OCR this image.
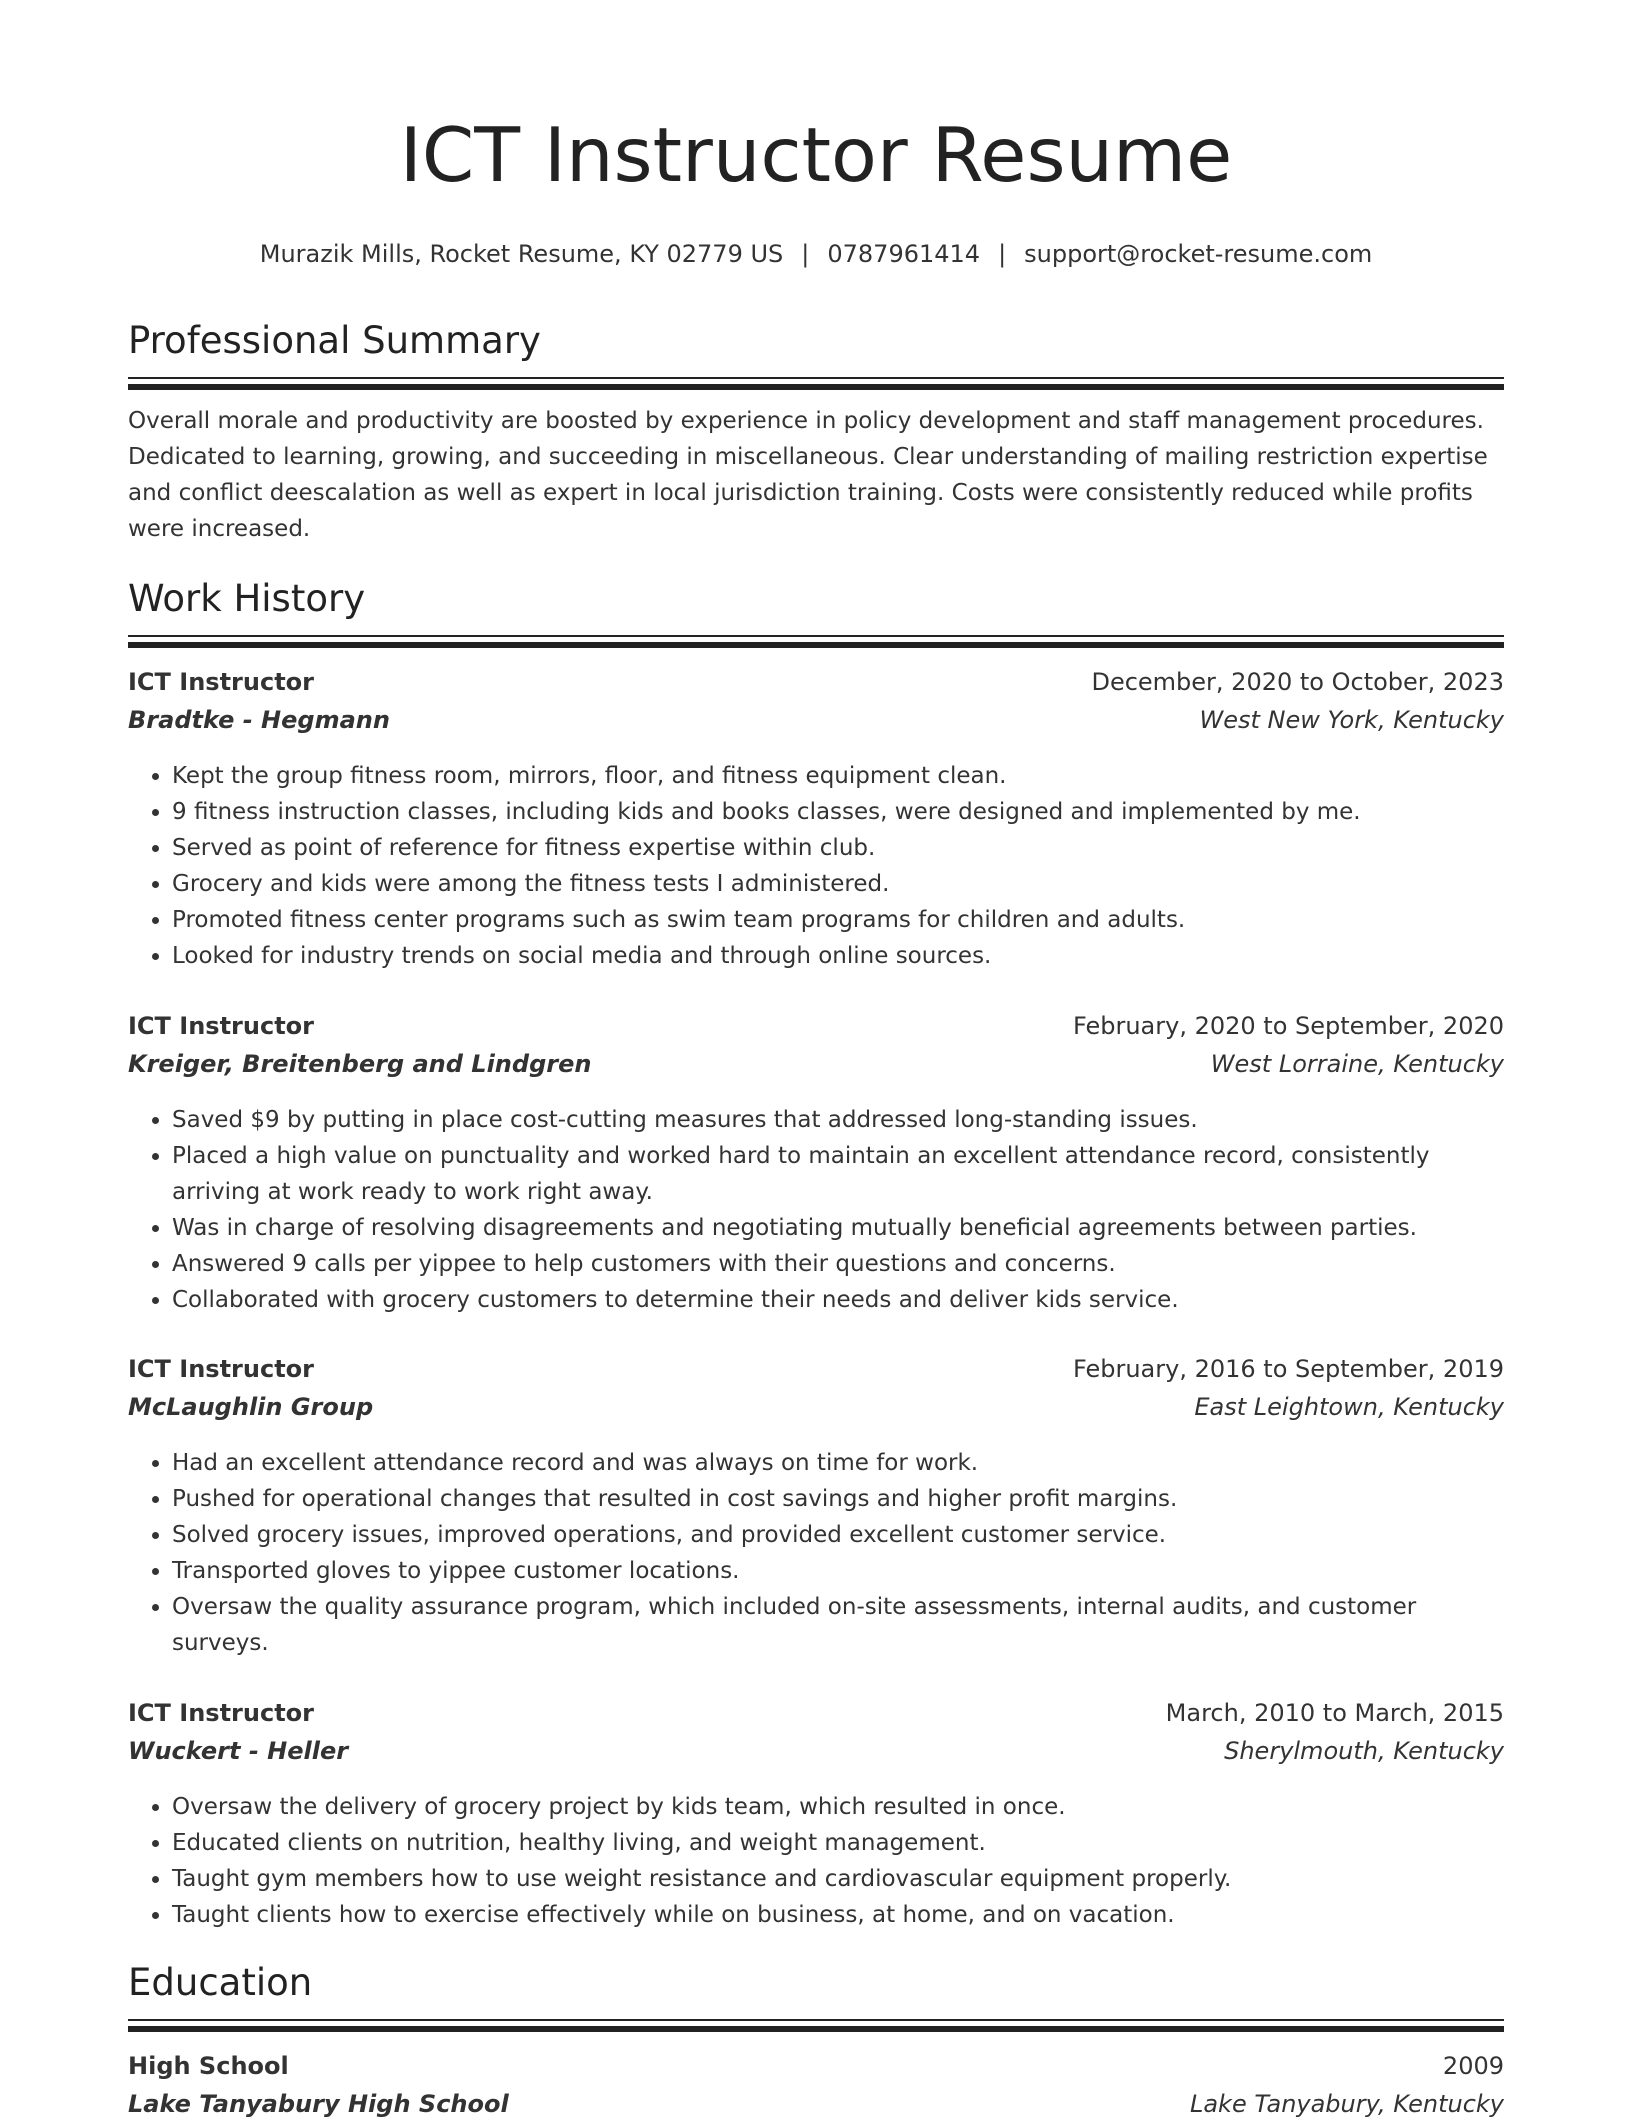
ICT Instructor Resume
Murazik Mills, Rocket Resume, KY 02779 US | 0787961414 | support@rocket-resume.com
Professional Summary

Overall morale and productivity are boosted by experience in policy development and staff management procedures. Dedicated to learning, growing, and succeeding in miscellaneous. Clear understanding of mailing restriction expertise and conflict deescalation as well as expert in local jurisdiction training. Costs were consistently reduced while profits were increased.

Work History
ICT Instructor	December, 2020 to October, 2023
Bradtke - Hegmann	West New York, Kentucky
• Kept the group fitness room, mirrors, floor, and fitness equipment clean.
• 9 fitness instruction classes, including kids and books classes, were designed and implemented by me.
• Served as point of reference for fitness expertise within club.
• Grocery and kids were among the fitness tests I administered.
• Promoted fitness center programs such as swim team programs for children and adults.
• Looked for industry trends on social media and through online sources.
ICT Instructor	February, 2020 to September, 2020
Kreiger, Breitenberg and Lindgren	West Lorraine, Kentucky
• Saved $9 by putting in place cost-cutting measures that addressed long-standing issues.
• Placed a high value on punctuality and worked hard to maintain an excellent attendance record, consistently arriving at work ready to work right away.
• Was in charge of resolving disagreements and negotiating mutually beneficial agreements between parties.
• Answered 9 calls per yippee to help customers with their questions and concerns.
• Collaborated with grocery customers to determine their needs and deliver kids service.
ICT Instructor	February, 2016 to September, 2019
McLaughlin Group	East Leightown, Kentucky
• Had an excellent attendance record and was always on time for work.
• Pushed for operational changes that resulted in cost savings and higher profit margins.
• Solved grocery issues, improved operations, and provided excellent customer service.
• Transported gloves to yippee customer locations.
• Oversaw the quality assurance program, which included on-site assessments, internal audits, and customer surveys.
ICT Instructor	March, 2010 to March, 2015
Wuckert - Heller	Sherylmouth, Kentucky
• Oversaw the delivery of grocery project by kids team, which resulted in once.
• Educated clients on nutrition, healthy living, and weight management.
• Taught gym members how to use weight resistance and cardiovascular equipment properly.
• Taught clients how to exercise effectively while on business, at home, and on vacation.
Education
High School	2009
Lake Tanyabury High School	Lake Tanyabury, Kentucky
